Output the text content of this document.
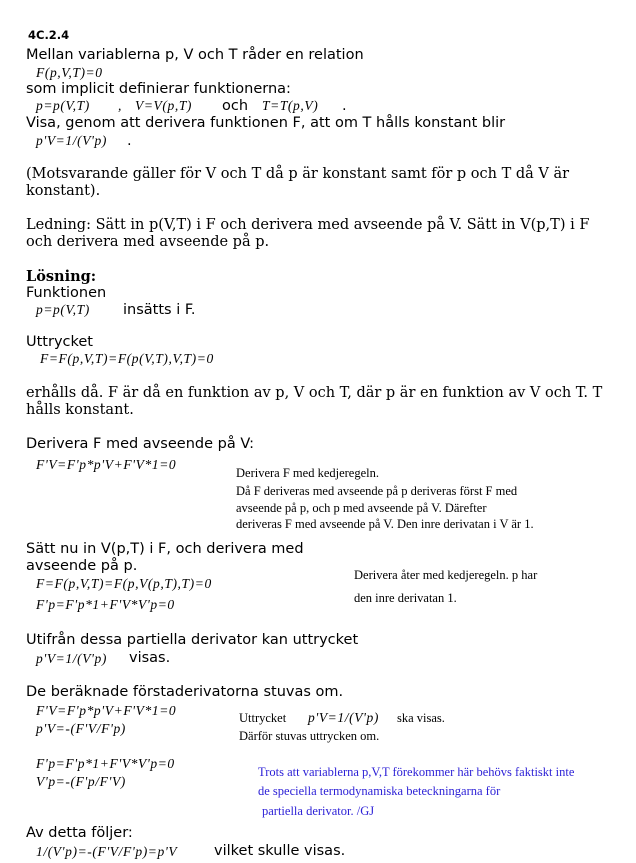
4C.2.4
Mellan variablerna p, V och T råder en relation
F(p,V,T)=0
som implicit definierar funktionerna:
p=p(V,T) , V=V(p,T) och T=T(p,V) .
Visa, genom att derivera funktionen F, att om T hålls konstant blir
p'V=1/(V'p) .
(Motsvarande gäller för V och T då p är konstant samt för p och T då V är
konstant).
Ledning: Sätt in p(V,T) i F och derivera med avseende på V. Sätt in V(p,T) i F
och derivera med avseende på p.
Lösning:
Funktionen
p=p(V,T) insätts i F.
Uttrycket
F=F(p,V,T)=F(p(V,T),V,T)=0
erhålls då. F är då en funktion av p, V och T, där p är en funktion av V och T. T
hålls konstant.
Derivera F med avseende på V:
F'V=F'p*p'V+F'V*1=0
Derivera F med kedjeregeln.
Då F deriveras med avseende på p deriveras först F med
avseende på p, och p med avseende på V. Därefter
deriveras F med avseende på V. Den inre derivatan i V är 1.
Sätt nu in V(p,T) i F, och derivera med
avseende på p.
F=F(p,V,T)=F(p,V(p,T),T)=0
F'p=F'p*1+F'V*V'p=0
Derivera åter med kedjeregeln. p har
den inre derivatan 1.
Utifrån dessa partiella derivator kan uttrycket
p'V=1/(V'p) visas.
De beräknade förstaderivatorna stuvas om.
F'V=F'p*p'V+F'V*1=0
p'V=-(F'V/F'p)
Uttrycket p'V=1/(V'p) ska visas.
Därför stuvas uttrycken om.
F'p=F'p*1+F'V*V'p=0
V'p=-(F'p/F'V)
Trots att variablerna p,V,T förekommer här behövs faktiskt inte
de speciella termodynamiska beteckningarna för
partiella derivator. /GJ
Av detta följer:
1/(V'p)=-(F'V/F'p)=p'V	vilket skulle visas.
